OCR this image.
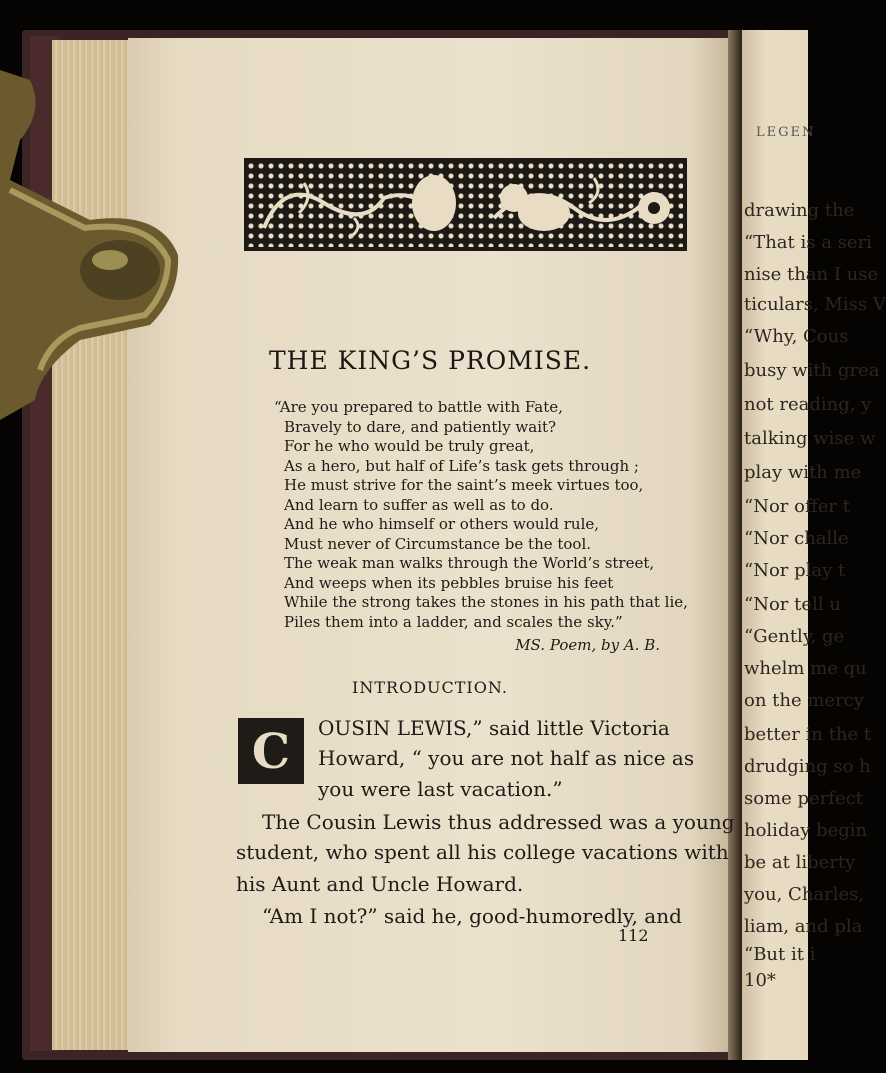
LEGEN
drawing the
“That is a seri
nise than I use
ticulars, Miss V
“Why, Cous
busy with grea
not reading, y
talking wise w
play with me
“Nor offer t
“Nor challe
“Nor play t
“Nor tell u
“Gently, ge
whelm me qu
on the mercy
better in the t
drudging so h
some perfect
holiday begin
be at liberty
you, Charles,
liam, and pla
“But it i
10*
THE KING’S PROMISE.
“Are you prepared to battle with Fate,
Bravely to dare, and patiently wait?
For he who would be truly great,
As a hero, but half of Life’s task gets through ;
He must strive for the saint’s meek virtues too,
And learn to suffer as well as to do.
And he who himself or others would rule,
Must never of Circumstance be the tool.
The weak man walks through the World’s street,
And weeps when its pebbles bruise his feet
While the strong takes the stones in his path that lie,
Piles them into a ladder, and scales the sky.”
MS. Poem, by A. B.
INTRODUCTION.
C	OUSIN LEWIS,” said little Victoria
Howard, “ you are not half as nice as
you were last vacation.”
The Cousin Lewis thus addressed was a young
student, who spent all his college vacations with
his Aunt and Uncle Howard.
“Am I not?” said he, good-humoredly, and
112
